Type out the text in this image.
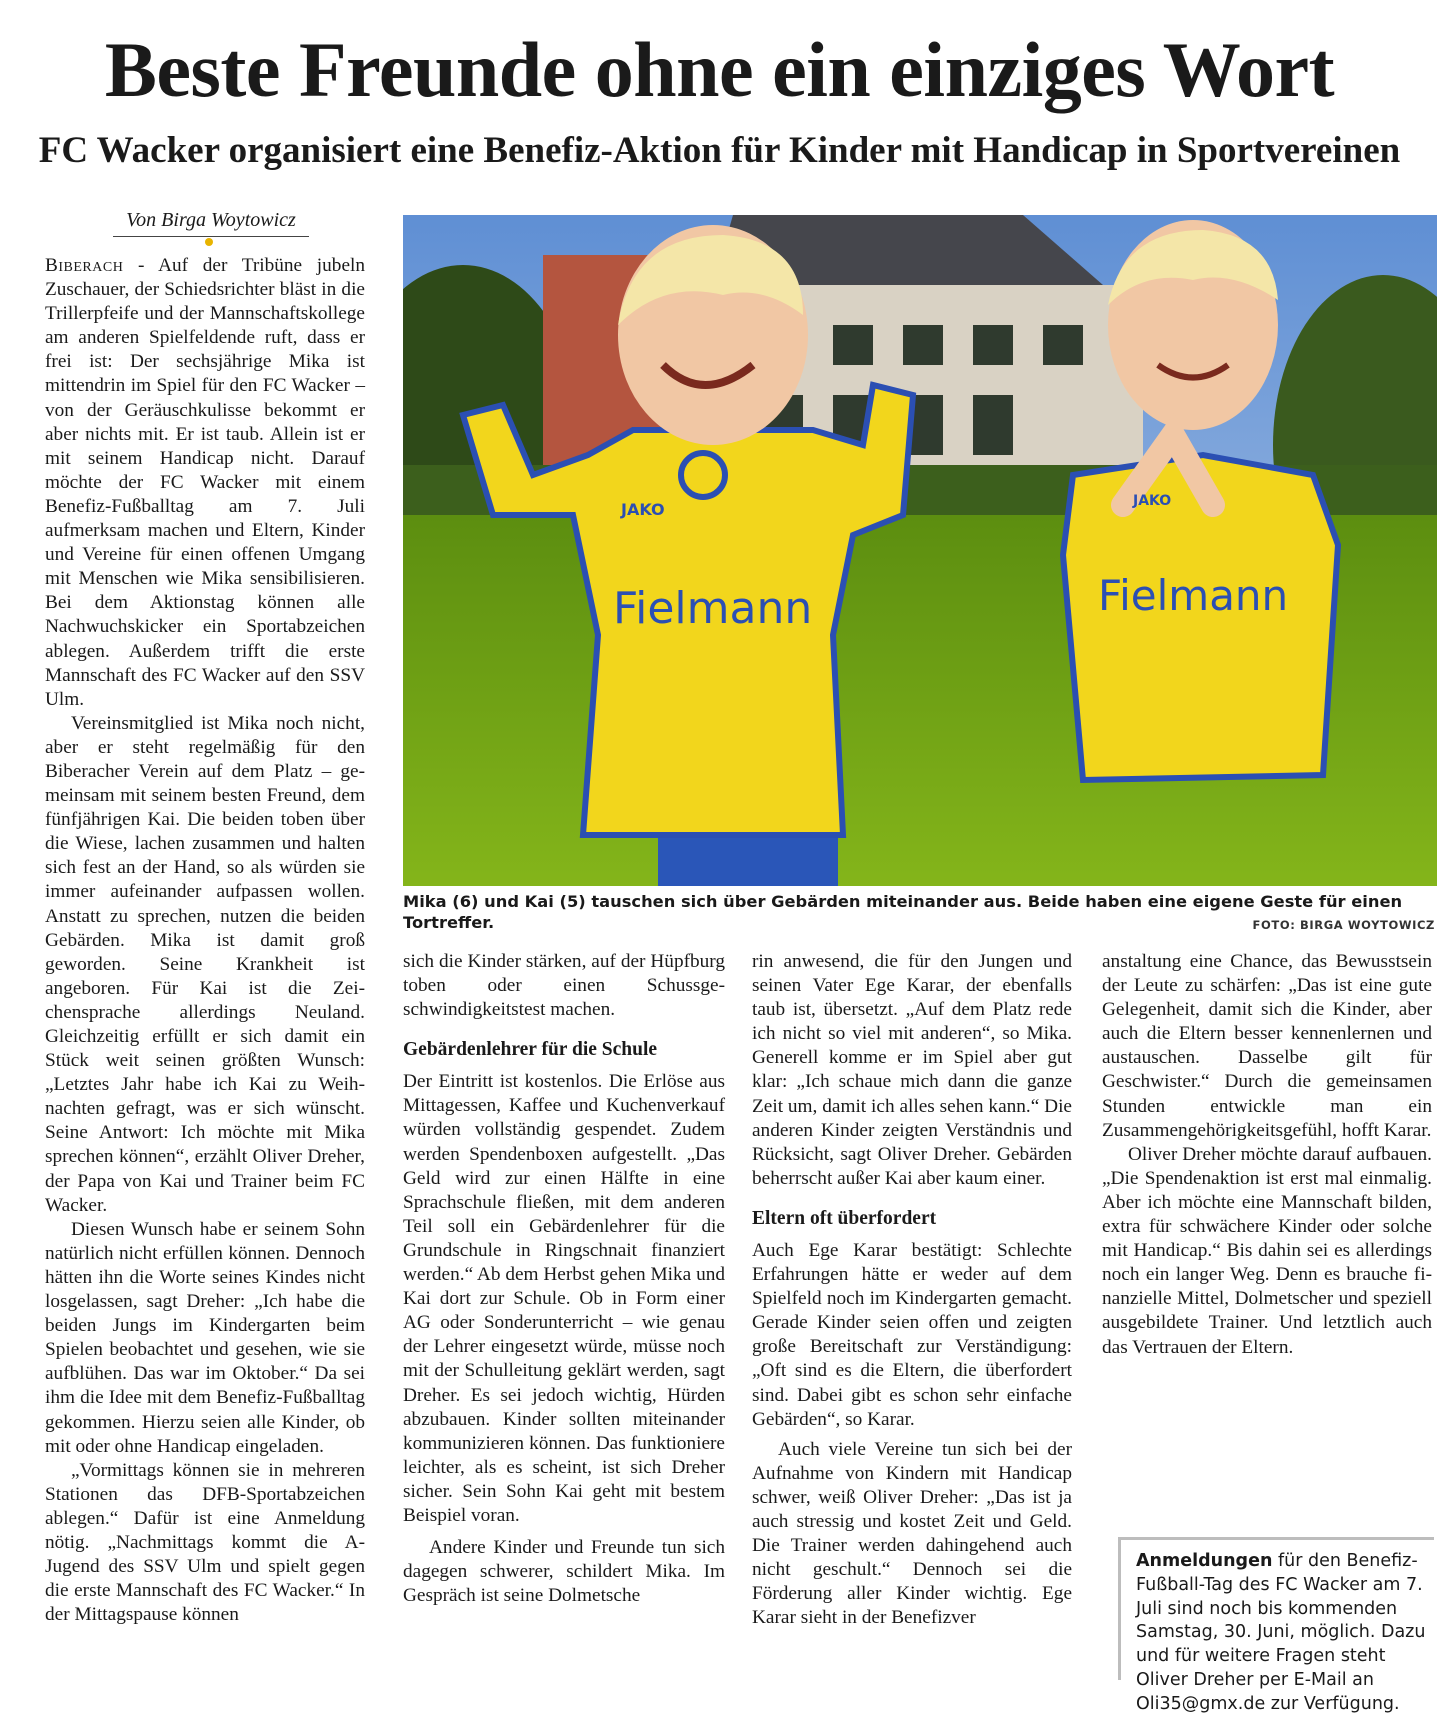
Beste Freunde ohne ein einziges Wort
FC Wacker organisiert eine Benefiz-Aktion für Kinder mit Handicap in Sportvereinen
Von Birga Woytowicz

Biberach - Auf der Tribüne jubeln Zuschauer, der Schiedsrichter bläst in die Trillerpfeife und der Mannschaftskollege am anderen Spielfeldende ruft, dass er frei ist: Der sechsjährige Mika ist mittendrin im Spiel für den FC Wacker – von der Geräuschkulisse bekommt er aber nichts mit. Er ist taub. Allein ist er mit seinem Handicap nicht. Darauf möchte der FC Wacker mit einem Benefiz-Fußballtag am 7. Juli aufmerksam machen und Eltern, Kinder und Vereine für einen offenen Umgang mit Menschen wie Mika sensibilisieren. Bei dem Aktionstag können alle Nachwuchskicker ein Sportabzeichen ablegen. Außerdem trifft die erste Mannschaft des FC Wacker auf den SSV Ulm.

Vereinsmitglied ist Mika noch nicht, aber er steht regelmäßig für den Biberacher Verein auf dem Platz – gemeinsam mit seinem besten Freund, dem fünfjährigen Kai. Die beiden toben über die Wiese, lachen zusammen und halten sich fest an der Hand, so als würden sie immer aufeinander aufpassen wollen. Anstatt zu sprechen, nutzen die beiden Gebärden. Mika ist damit groß geworden. Seine Krankheit ist angeboren. Für Kai ist die Zeichensprache allerdings Neuland. Gleichzeitig erfüllt er sich damit ein Stück weit seinen größten Wunsch: „Letztes Jahr habe ich Kai zu Weihnachten gefragt, was er sich wünscht. Seine Antwort: Ich möchte mit Mika sprechen können“, erzählt Oliver Dreher, der Papa von Kai und Trainer beim FC Wacker.

Diesen Wunsch habe er seinem Sohn natürlich nicht erfüllen können. Dennoch hätten ihn die Worte seines Kindes nicht losgelassen, sagt Dreher: „Ich habe die beiden Jungs im Kindergarten beim Spielen beobachtet und gesehen, wie sie aufblühen. Das war im Oktober.“ Da sei ihm die Idee mit dem Benefiz-Fußballtag gekommen. Hierzu seien alle Kinder, ob mit oder ohne Handicap eingeladen.

„Vormittags können sie in mehreren Stationen das DFB-Sportabzeichen ablegen.“ Dafür ist eine Anmeldung nötig. „Nachmittags kommt die A-Jugend des SSV Ulm und spielt gegen die erste Mannschaft des FC Wacker.“ In der Mittagspause können

JAKO
Fielmann
JAKO
Fielmann
Mika (6) und Kai (5) tauschen sich über Gebärden miteinander aus. Beide haben eine eigene Geste für einen Tortreffer.	FOTO: BIRGA WOYTOWICZ

sich die Kinder stärken, auf der Hüpfburg toben oder einen Schussgeschwindigkeitstest machen.

Gebärdenlehrer für die Schule

Der Eintritt ist kostenlos. Die Erlöse aus Mittagessen, Kaffee und Kuchenverkauf würden vollständig gespendet. Zudem werden Spendenboxen aufgestellt. „Das Geld wird zur einen Hälfte in eine Sprachschule fließen, mit dem anderen Teil soll ein Gebärdenlehrer für die Grundschule in Ringschnait finanziert werden.“ Ab dem Herbst gehen Mika und Kai dort zur Schule. Ob in Form einer AG oder Sonderunterricht – wie genau der Lehrer eingesetzt würde, müsse noch mit der Schulleitung geklärt werden, sagt Dreher. Es sei jedoch wichtig, Hürden abzubauen. Kinder sollten miteinander kommunizieren können. Das funktioniere leichter, als es scheint, ist sich Dreher sicher. Sein Sohn Kai geht mit bestem Beispiel voran.

Andere Kinder und Freunde tun sich dagegen schwerer, schildert Mika. Im Gespräch ist seine Dolmetsche

rin anwesend, die für den Jungen und seinen Vater Ege Karar, der ebenfalls taub ist, übersetzt. „Auf dem Platz rede ich nicht so viel mit anderen“, so Mika. Generell komme er im Spiel aber gut klar: „Ich schaue mich dann die ganze Zeit um, damit ich alles sehen kann.“ Die anderen Kinder zeigten Verständnis und Rücksicht, sagt Oliver Dreher. Gebärden beherrscht außer Kai aber kaum einer.

Eltern oft überfordert

Auch Ege Karar bestätigt: Schlechte Erfahrungen hätte er weder auf dem Spielfeld noch im Kindergarten gemacht. Gerade Kinder seien offen und zeigten große Bereitschaft zur Verständigung: „Oft sind es die Eltern, die überfordert sind. Dabei gibt es schon sehr einfache Gebärden“, so Karar.

Auch viele Vereine tun sich bei der Aufnahme von Kindern mit Handicap schwer, weiß Oliver Dreher: „Das ist ja auch stressig und kostet Zeit und Geld. Die Trainer werden dahingehend auch nicht geschult.“ Dennoch sei die Förderung aller Kinder wichtig. Ege Karar sieht in der Benefizver

anstaltung eine Chance, das Bewusstsein der Leute zu schärfen: „Das ist eine gute Gelegenheit, damit sich die Kinder, aber auch die Eltern besser kennenlernen und austauschen. Dasselbe gilt für Geschwister.“ Durch die gemeinsamen Stunden entwickle man ein Zusammengehörigkeitsgefühl, hofft Karar.

Oliver Dreher möchte darauf aufbauen. „Die Spendenaktion ist erst mal einmalig. Aber ich möchte eine Mannschaft bilden, extra für schwächere Kinder oder solche mit Handicap.“ Bis dahin sei es allerdings noch ein langer Weg. Denn es brauche finanzielle Mittel, Dolmetscher und speziell ausgebildete Trainer. Und letztlich auch das Vertrauen der Eltern.

Anmeldungen für den Benefiz-Fußball-Tag des FC Wacker am 7. Juli sind noch bis kommenden Samstag, 30. Juni, möglich. Dazu und für weitere Fragen steht Oliver Dreher per E-Mail an Oli35@gmx.de zur Verfügung.
